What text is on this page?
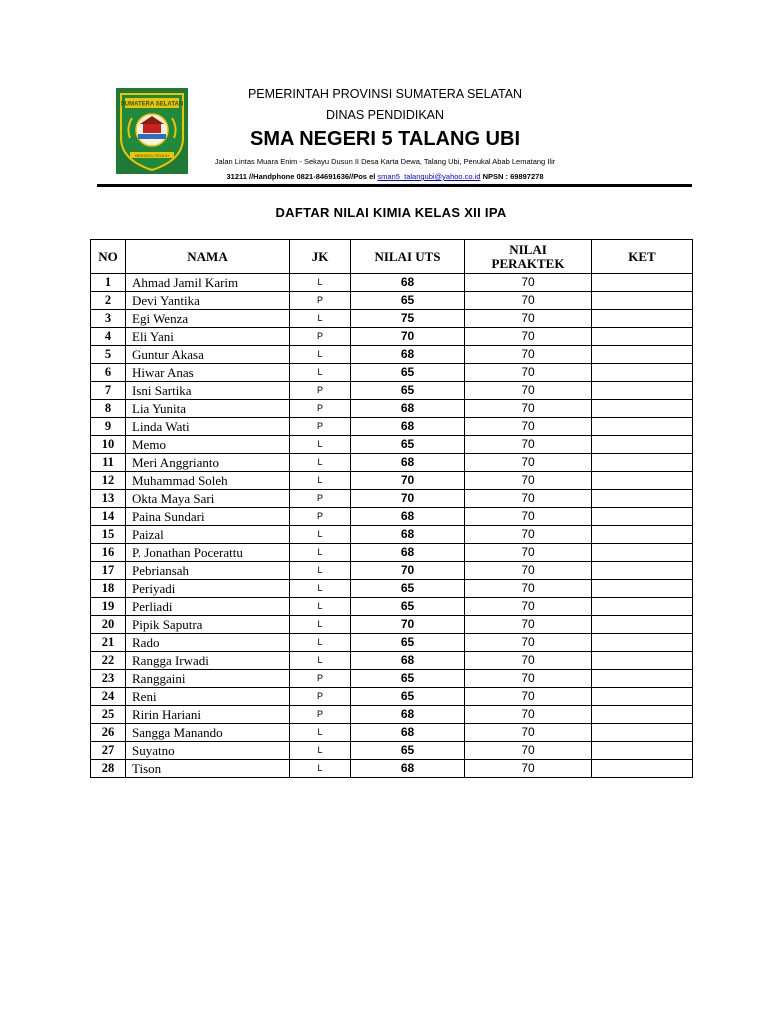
SUMATERA SELATAN
BERSATU TEGUH
PEMERINTAH PROVINSI SUMATERA SELATAN
DINAS PENDIDIKAN
SMA NEGERI 5 TALANG UBI
Jalan Lintas Muara Enim - Sekayu Dusun II Desa Karta Dewa, Talang Ubi, Penukal Abab Lematang Ilir
31211 //Handphone 0821-84691636//Pos el sman5_talangubi@yahoo.co.id NPSN : 69897278
DAFTAR NILAI KIMIA KELAS XII IPA
NO	NAMA	JK	NILAI UTS	NILAI
PERAKTEK	KET
1	Ahmad Jamil Karim	L	68	70	
2	Devi Yantika	P	65	70	
3	Egi Wenza	L	75	70	
4	Eli Yani	P	70	70	
5	Guntur Akasa	L	68	70	
6	Hiwar Anas	L	65	70	
7	Isni Sartika	P	65	70	
8	Lia Yunita	P	68	70	
9	Linda Wati	P	68	70	
10	Memo	L	65	70	
11	Meri Anggrianto	L	68	70	
12	Muhammad Soleh	L	70	70	
13	Okta Maya Sari	P	70	70	
14	Paina Sundari	P	68	70	
15	Paizal	L	68	70	
16	P. Jonathan Pocerattu	L	68	70	
17	Pebriansah	L	70	70	
18	Periyadi	L	65	70	
19	Perliadi	L	65	70	
20	Pipik Saputra	L	70	70	
21	Rado	L	65	70	
22	Rangga Irwadi	L	68	70	
23	Ranggaini	P	65	70	
24	Reni	P	65	70	
25	Ririn Hariani	P	68	70	
26	Sangga Manando	L	68	70	
27	Suyatno	L	65	70	
28	Tison	L	68	70	
